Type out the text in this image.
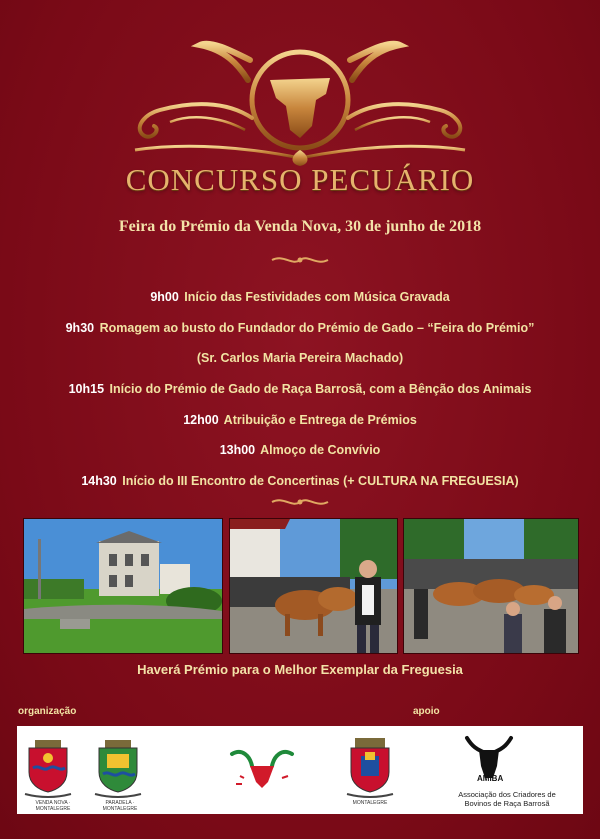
CONCURSO PECUÁRIO
Feira do Prémio da Venda Nova, 30 de junho de 2018
9h00 Início das Festividades com Música Gravada
9h30 Romagem ao busto do Fundador do Prémio de Gado – “Feira do Prémio”
(Sr. Carlos Maria Pereira Machado)
10h15 Início do Prémio de Gado de Raça Barrosã, com a Bênção dos Animais
12h00 Atribuição e Entrega de Prémios
13h00 Almoço de Convívio
14h30 Início do III Encontro de Concertinas (+ CULTURA NA FREGUESIA)
Haverá Prémio para o Melhor Exemplar da Freguesia
organização	apoio
AMIBA
Associação dos Criadores de
Bovinos de Raça Barrosã
VENDA NOVA · MONTALEGRE
PARADELA · MONTALEGRE
MONTALEGRE
